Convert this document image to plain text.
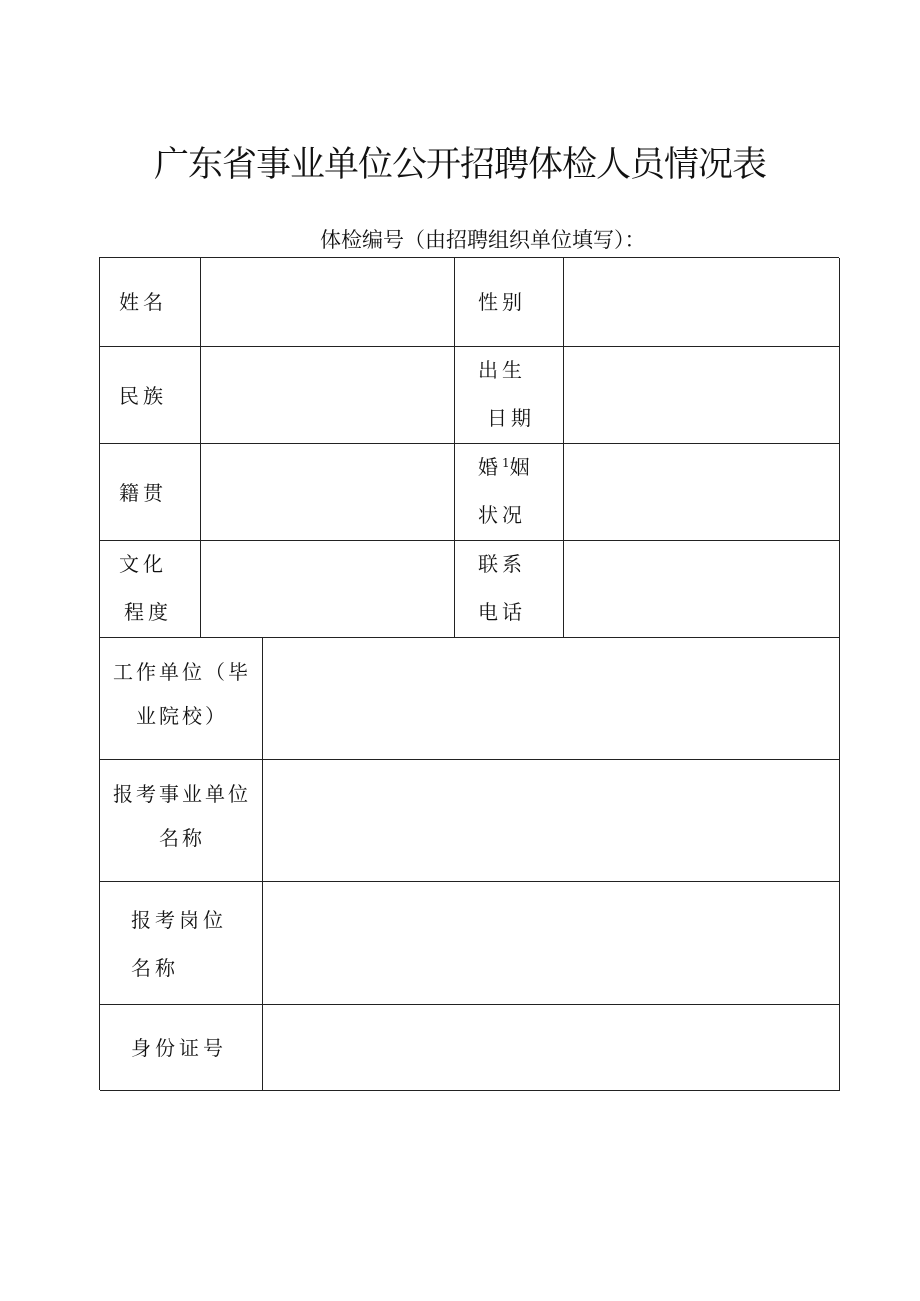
广东省事业单位公开招聘体检人员情况表
体检编号（由招聘组织单位填写）：
姓名	性别
民族
出生
日期
籍贯
婚$^1$姻
状况
文化
程度
联系
电话
工作单位（毕
业院校）
报考事业单位
名称
报考岗位
名称
身份证号
